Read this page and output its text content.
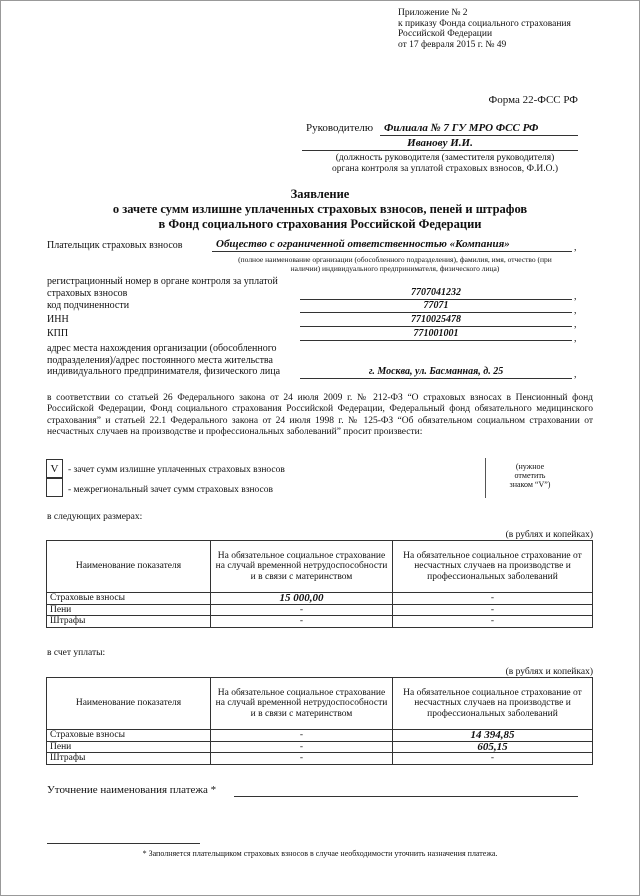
Приложение № 2
к приказу Фонда социального страхования
Российской Федерации
от 17 февраля 2015 г. № 49
Форма 22-ФСС РФ
Руководителю Филиала № 7 ГУ МРО ФСС РФ
Иванову И.И.
(должность руководителя (заместителя руководителя)
органа контроля за уплатой страховых взносов, Ф.И.О.)
Заявление
о зачете сумм излишне уплаченных страховых взносов, пеней и штрафов
в Фонд социального страхования Российской Федерации
Плательщик страховых взносов	Общество с ограниченной ответственностью «Компания»	,
(полное наименование организации (обособленного подразделения), фамилия, имя, отчество (при
наличии) индивидуального предпринимателя, физического лица)
регистрационный номер в органе контроля за уплатой
страховых взносов	7707041232
код подчиненности	77071
ИНН	7710025478
КПП	771001001
адрес места нахождения организации (обособленного
подразделения)/адрес постоянного места жительства
индивидуального предпринимателя, физического лица	г. Москва, ул. Басманная, д. 25
,
,
,
,
,
в соответствии со статьей 26 Федерального закона от 24 июля 2009 г. № 212-ФЗ “О страховых взносах в Пенсионный фонд Российской Федерации, Фонд социального страхования Российской Федерации, Федеральный фонд обязательного медицинского страхования” и статьей 22.1 Федерального закона от 24 июля 1998 г. № 125-ФЗ “Об обязательном социальном страховании от несчастных случаев на производстве и профессиональных заболеваний” просит произвести:
V	- зачет сумм излишне уплаченных страховых взносов
- межрегиональный зачет сумм страховых взносов
(нужное
отметить
знаком “V”)
в следующих размерах:
(в рублях и копейках)
Наименование показателя	На обязательное социальное страхование на случай временной нетрудоспособности и в связи с материнством	На обязательное социальное страхование от несчастных случаев на производстве и профессиональных заболеваний
Страховые взносы	15 000,00	-
Пени	-	-
Штрафы	-	-
в счет уплаты:
(в рублях и копейках)
Наименование показателя	На обязательное социальное страхование на случай временной нетрудоспособности и в связи с материнством	На обязательное социальное страхование от несчастных случаев на производстве и профессиональных заболеваний
Страховые взносы	-	14 394,85
Пени	-	605,15
Штрафы	-	-
Уточнение наименования платежа *
* Заполняется плательщиком страховых взносов в случае необходимости уточнить назначения платежа.
